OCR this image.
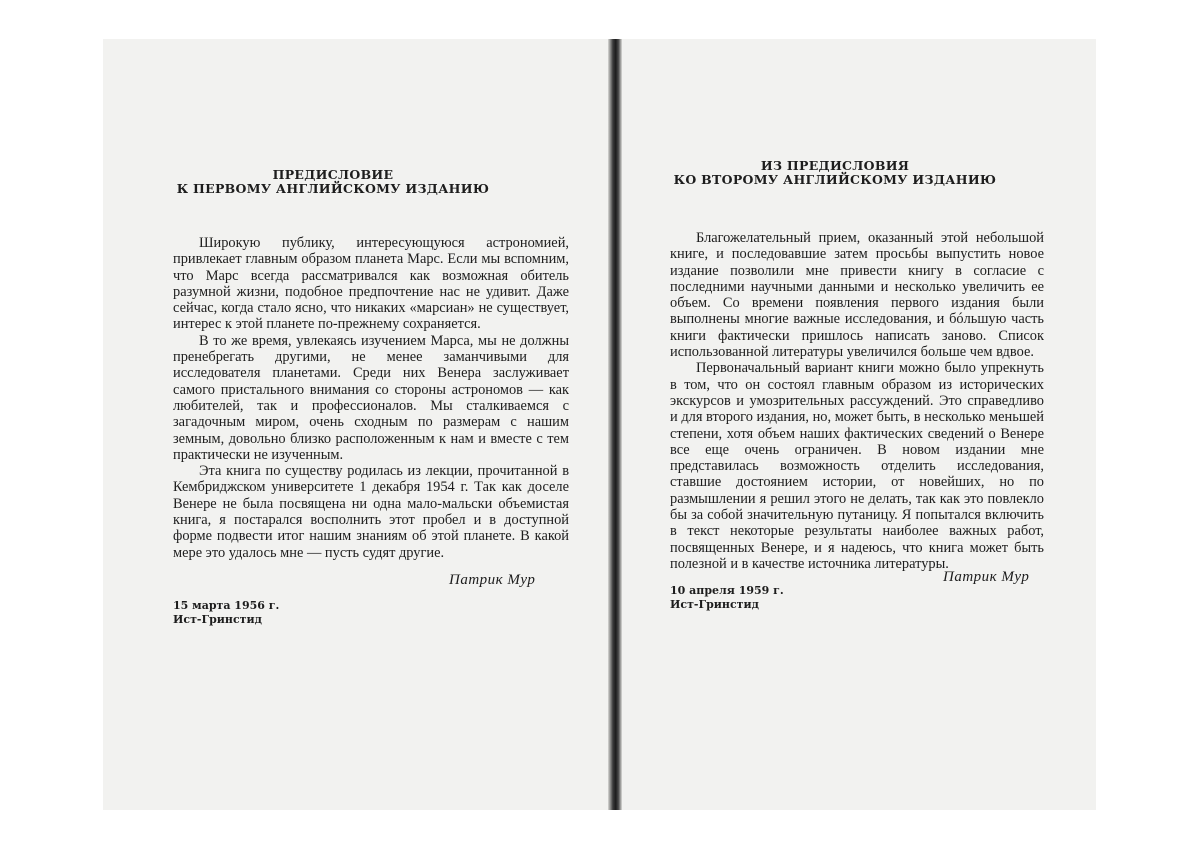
ПРЕДИСЛОВИЕ
К ПЕРВОМУ АНГЛИЙСКОМУ ИЗДАНИЮ

Широкую публику, интересующуюся астрономией, привлекает главным образом планета Марс. Если мы вспомним, что Марс всегда рассматривался как возможная обитель разумной жизни, подобное предпочтение нас не удивит. Даже сейчас, когда стало ясно, что никаких «марсиан» не существует, интерес к этой планете по-прежнему сохраняется.

В то же время, увлекаясь изучением Марса, мы не должны пренебрегать другими, не менее заманчивыми для исследователя планетами. Среди них Венера заслуживает самого пристального внимания со стороны астрономов — как любителей, так и профессионалов. Мы сталкиваемся с загадочным миром, очень сходным по размерам с нашим земным, довольно близко расположенным к нам и вместе с тем практически не изученным.

Эта книга по существу родилась из лекции, прочитанной в Кембриджском университете 1 декабря 1954 г. Так как доселе Венере не была посвящена ни одна мало-мальски объемистая книга, я постарался восполнить этот пробел и в доступной форме подвести итог нашим знаниям об этой планете. В какой мере это удалось мне — пусть судят другие.

Патрик Мур
15 марта 1956 г.
Ист-Гринстид
ИЗ ПРЕДИСЛОВИЯ
КО ВТОРОМУ АНГЛИЙСКОМУ ИЗДАНИЮ

Благожелательный прием, оказанный этой небольшой книге, и последовавшие затем просьбы выпустить новое издание позволили мне привести книгу в согласие с последними научными данными и несколько увеличить ее объем. Со времени появления первого издания были выполнены многие важные исследования, и бóльшую часть книги фактически пришлось написать заново. Список использованной литературы увеличился больше чем вдвое.

Первоначальный вариант книги можно было упрекнуть в том, что он состоял главным образом из исторических экскурсов и умозрительных рассуждений. Это справедливо и для второго издания, но, может быть, в несколько меньшей степени, хотя объем наших фактических сведений о Венере все еще очень ограничен. В новом издании мне представилась возможность отделить исследования, ставшие достоянием истории, от новейших, но по размышлении я решил этого не делать, так как это повлекло бы за собой значительную путаницу. Я попытался включить в текст некоторые результаты наиболее важных работ, посвященных Венере, и я надеюсь, что книга может быть полезной и в качестве источника литературы.

Патрик Мур
10 апреля 1959 г.
Ист-Гринстид
